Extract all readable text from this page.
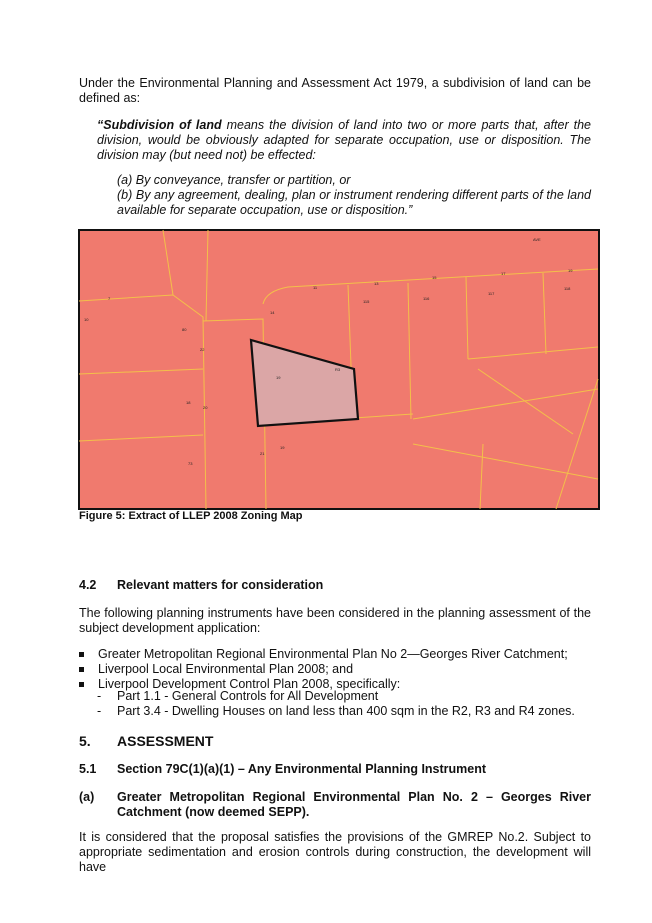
Under the Environmental Planning and Assessment Act 1979, a subdivision of land can be defined as:
“Subdivision of land means the division of land into two or more parts that, after the division, would be obviously adapted for separate occupation, use or disposition. The division may (but need not) be effected:
(a) By conveyance, transfer or partition, or
(b) By any agreement, dealing, plan or instrument rendering different parts of the land available for separate occupation, use or disposition.”
AVE
R3
11
13
15
17
19
115
116
117
118
7
10
80
22
14
20
18
73
19
19
21
Figure 5: Extract of LLEP 2008 Zoning Map
4.2 Relevant matters for consideration
The following planning instruments have been considered in the planning assessment of the subject development application:
Greater Metropolitan Regional Environmental Plan No 2—Georges River Catchment;
Liverpool Local Environmental Plan 2008; and
Liverpool Development Control Plan 2008, specifically:
- Part 1.1 - General Controls for All Development
- Part 3.4 - Dwelling Houses on land less than 400 sqm in the R2, R3 and R4 zones.
5. ASSESSMENT
5.1 Section 79C(1)(a)(1) – Any Environmental Planning Instrument
(a) Greater Metropolitan Regional Environmental Plan No. 2 – Georges River Catchment (now deemed SEPP).
It is considered that the proposal satisfies the provisions of the GMREP No.2. Subject to appropriate sedimentation and erosion controls during construction, the development will have
